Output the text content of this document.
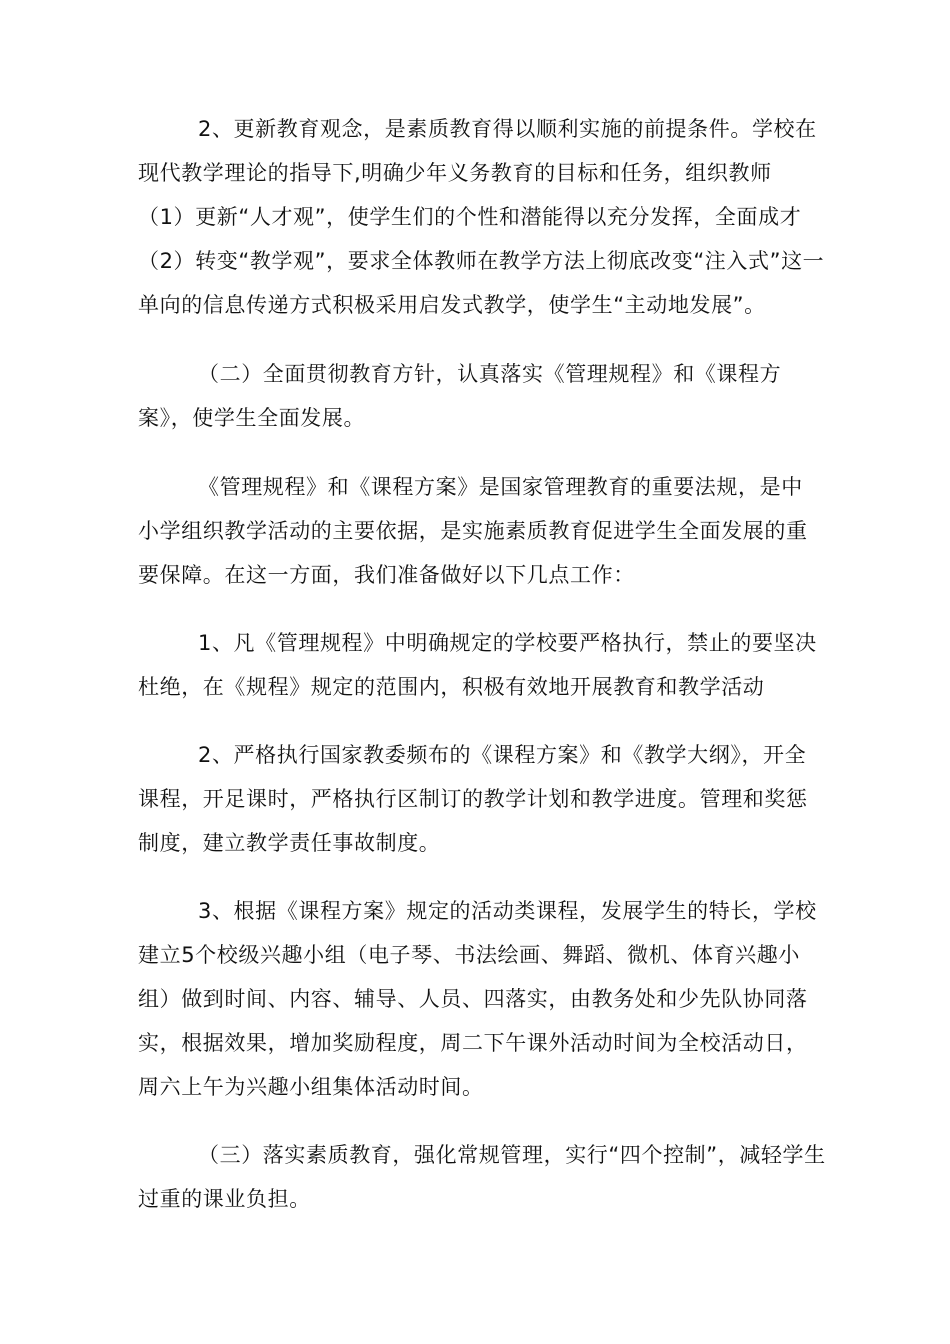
2、更新教育观念，是素质教育得以顺利实施的前提条件。学校在
现代教学理论的指导下,明确少年义务教育的目标和任务，组织教师
（1）更新“人才观”，使学生们的个性和潜能得以充分发挥，全面成才
（2）转变“教学观”，要求全体教师在教学方法上彻底改变“注入式”这一
单向的信息传递方式积极采用启发式教学，使学生“主动地发展”。
（二）全面贯彻教育方针，认真落实《管理规程》和《课程方
案》，使学生全面发展。
《管理规程》和《课程方案》是国家管理教育的重要法规，是中
小学组织教学活动的主要依据，是实施素质教育促进学生全面发展的重
要保障。在这一方面，我们准备做好以下几点工作：
1、凡《管理规程》中明确规定的学校要严格执行，禁止的要坚决
杜绝，在《规程》规定的范围内，积极有效地开展教育和教学活动
2、严格执行国家教委频布的《课程方案》和《教学大纲》，开全
课程，开足课时，严格执行区制订的教学计划和教学进度。管理和奖惩
制度，建立教学责任事故制度。
3、根据《课程方案》规定的活动类课程，发展学生的特长，学校
建立5个校级兴趣小组（电子琴、书法绘画、舞蹈、微机、体育兴趣小
组）做到时间、内容、辅导、人员、四落实，由教务处和少先队协同落
实，根据效果，增加奖励程度，周二下午课外活动时间为全校活动日，
周六上午为兴趣小组集体活动时间。
（三）落实素质教育，强化常规管理，实行“四个控制”，减轻学生
过重的课业负担。
